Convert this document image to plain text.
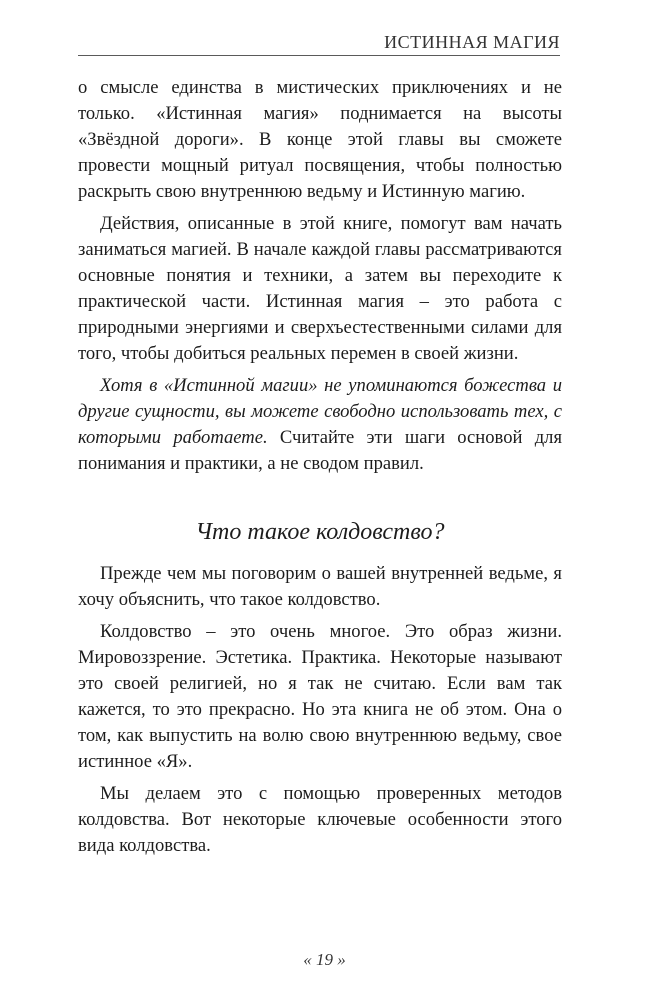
ИСТИННАЯ МАГИЯ

о смысле единства в мистических приключениях и не только. «Истинная магия» поднимается на высоты «Звёздной дороги». В конце этой главы вы сможете провести мощный ритуал посвящения, чтобы полностью раскрыть свою внутреннюю ведьму и Истинную магию.

Действия, описанные в этой книге, помогут вам начать заниматься магией. В начале каждой главы рассматриваются основные понятия и техники, а затем вы переходите к практической части. Истинная магия – это работа с природными энергиями и сверхъестественными силами для того, чтобы добиться реальных перемен в своей жизни.

Хотя в «Истинной магии» не упоминаются божества и другие сущности, вы можете свободно использовать тех, с которыми работаете. Считайте эти шаги основой для понимания и практики, а не сводом правил.

Что такое колдовство?

Прежде чем мы поговорим о вашей внутренней ведьме, я хочу объяснить, что такое колдовство.

Колдовство – это очень многое. Это образ жизни. Мировоззрение. Эстетика. Практика. Некоторые называют это своей религией, но я так не считаю. Если вам так кажется, то это прекрасно. Но эта книга не об этом. Она о том, как выпустить на волю свою внутреннюю ведьму, свое истинное «Я».

Мы делаем это с помощью проверенных методов колдовства. Вот некоторые ключевые особенности этого вида колдовства.

« 19 »
